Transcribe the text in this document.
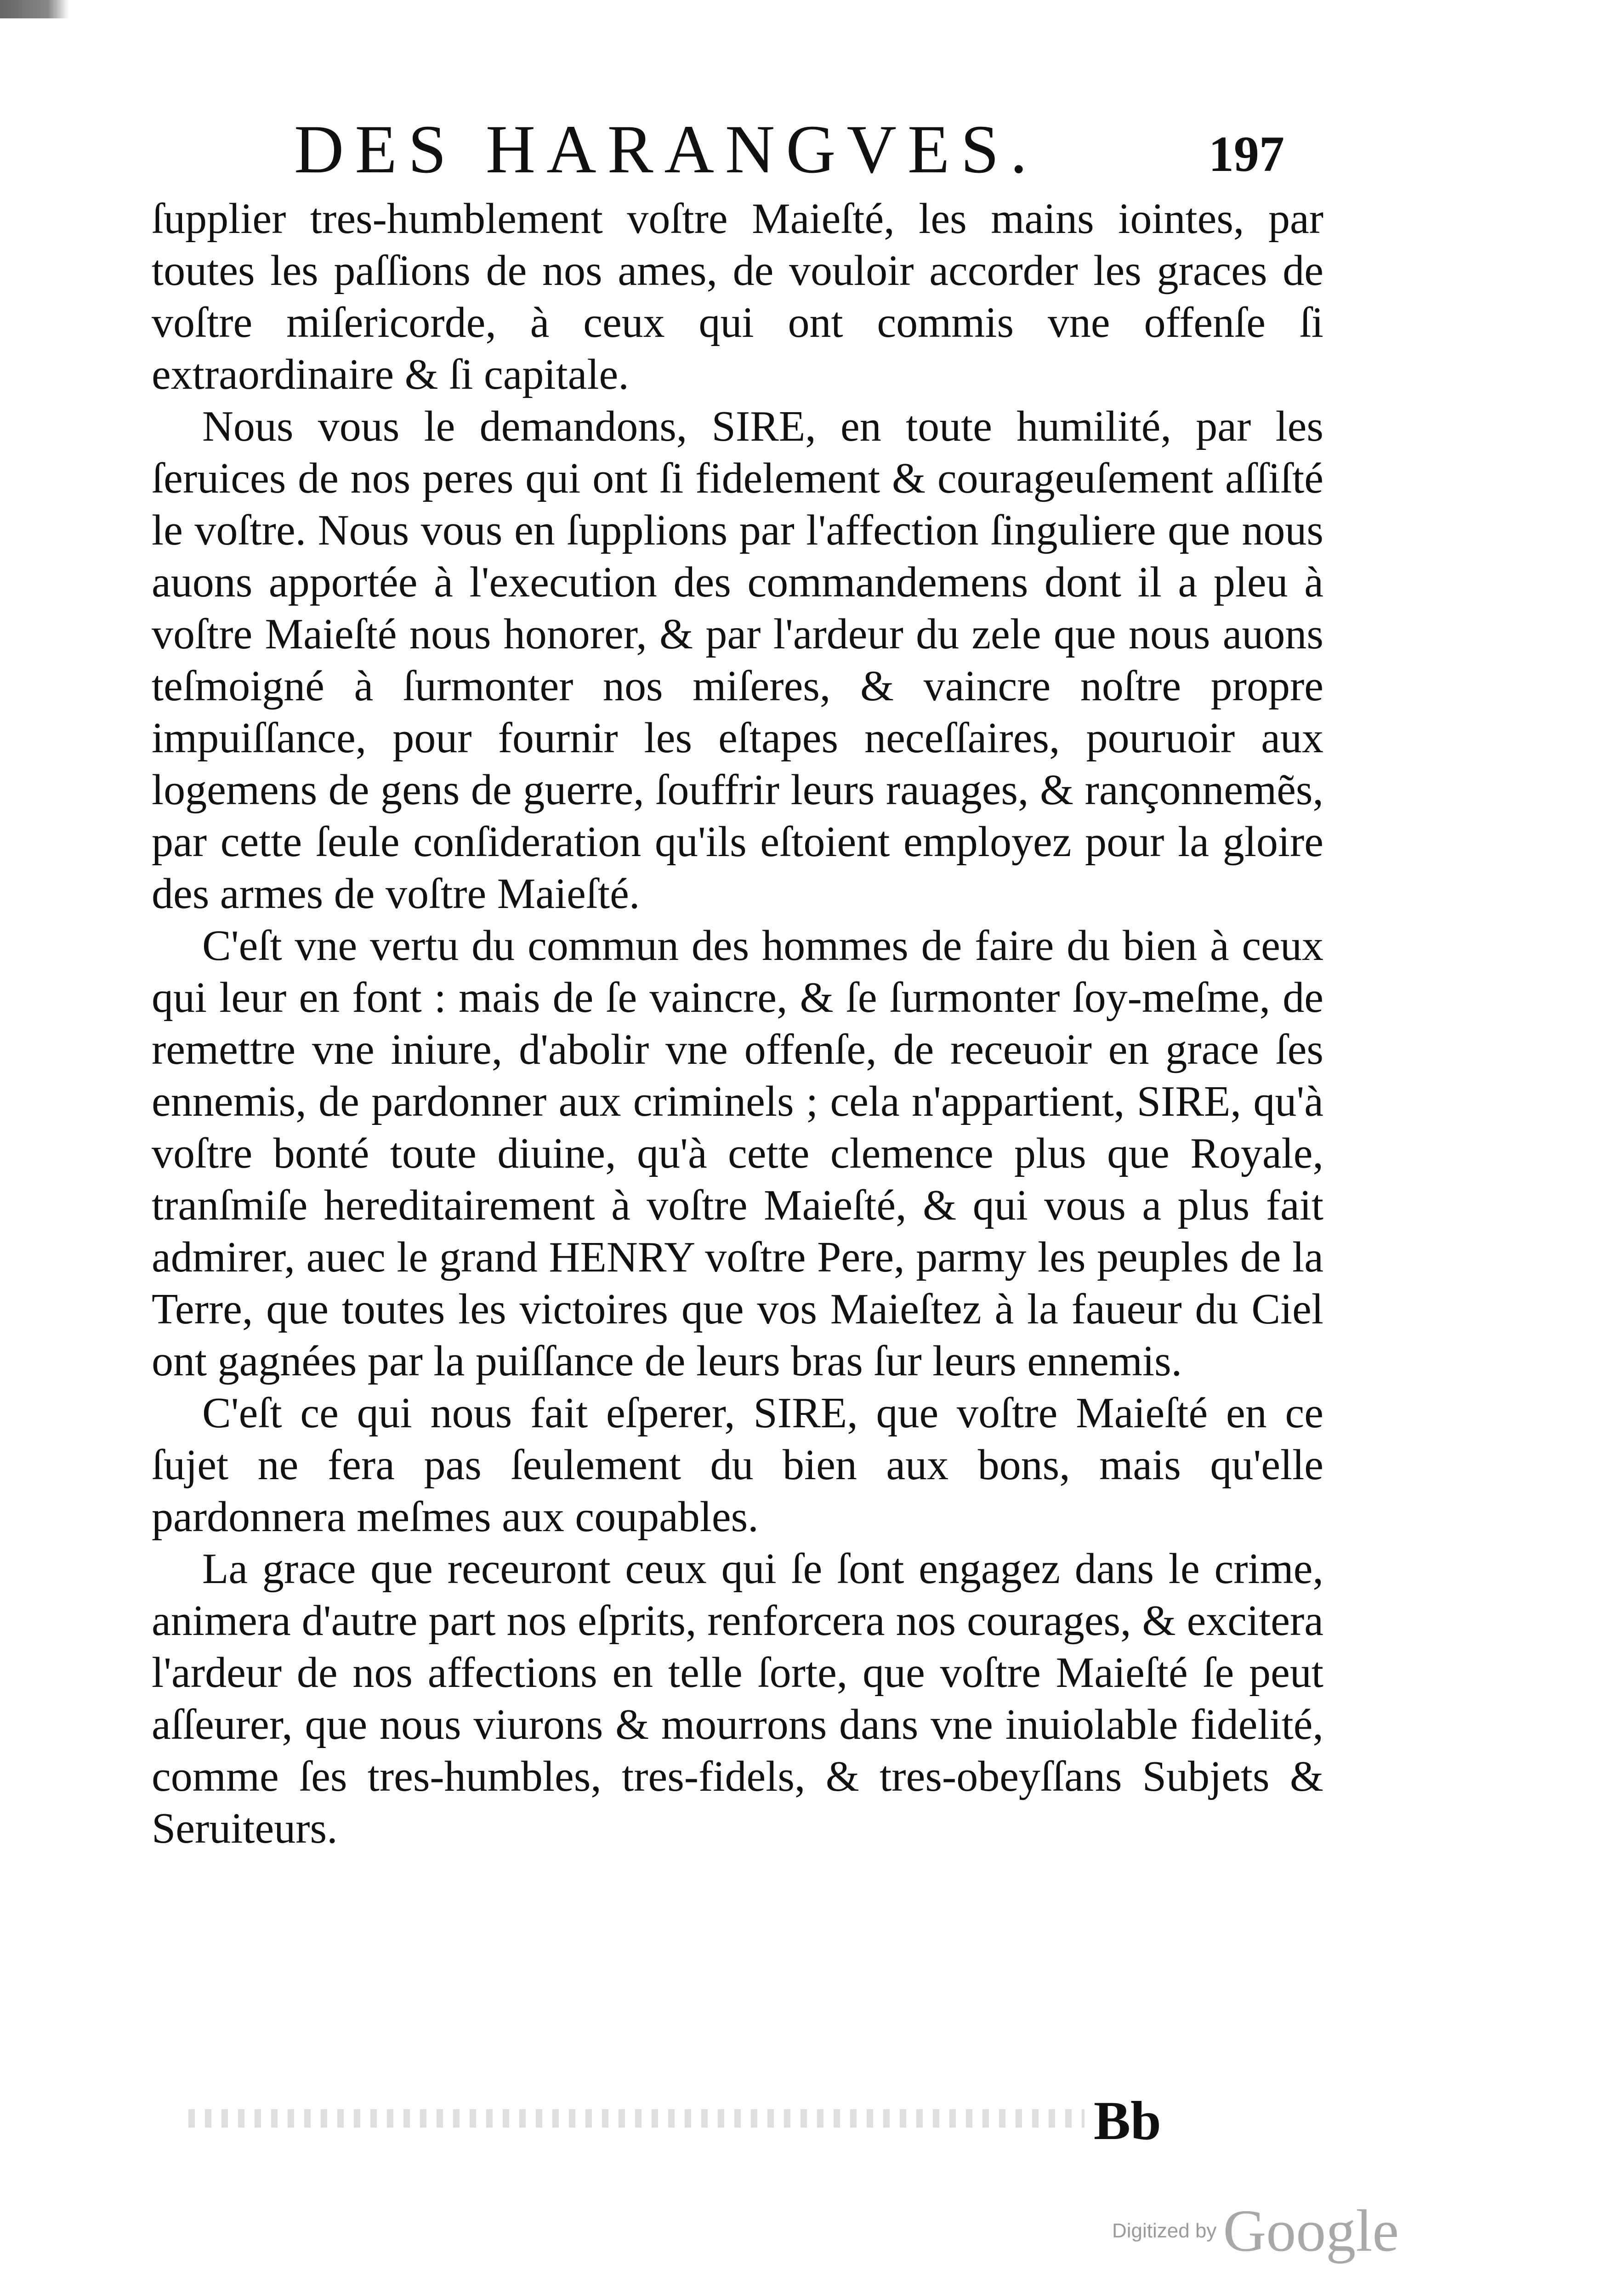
DES HARANGVES.	197

ſupplier tres-humblement voſtre Maieſté, les mains iointes, par toutes les paſſions de nos ames, de vouloir accorder les graces de voſtre miſericorde, à ceux qui ont commis vne offenſe ſi extraordinaire & ſi capitale.

Nous vous le demandons, SIRE, en toute humilité, par les ſeruices de nos peres qui ont ſi fidelement & courageuſement aſſiſté le voſtre. Nous vous en ſupplions par l'affection ſinguliere que nous auons apportée à l'execution des commandemens dont il a pleu à voſtre Maieſté nous honorer, & par l'ardeur du zele que nous auons teſmoigné à ſurmonter nos miſeres, & vaincre noſtre propre impuiſſance, pour fournir les eſtapes neceſſaires, pouruoir aux logemens de gens de guerre, ſouffrir leurs rauages, & rançonnemẽs, par cette ſeule conſideration qu'ils eſtoient employez pour la gloire des armes de voſtre Maieſté.

C'eſt vne vertu du commun des hommes de faire du bien à ceux qui leur en font : mais de ſe vaincre, & ſe ſurmonter ſoy-meſme, de remettre vne iniure, d'abolir vne offenſe, de receuoir en grace ſes ennemis, de pardonner aux criminels ; cela n'appartient, SIRE, qu'à voſtre bonté toute diuine, qu'à cette clemence plus que Royale, tranſmiſe hereditairement à voſtre Maieſté, & qui vous a plus fait admirer, auec le grand HENRY voſtre Pere, parmy les peuples de la Terre, que toutes les victoires que vos Maieſtez à la faueur du Ciel ont gagnées par la puiſſance de leurs bras ſur leurs ennemis.

C'eſt ce qui nous fait eſperer, SIRE, que voſtre Maieſté en ce ſujet ne fera pas ſeulement du bien aux bons, mais qu'elle pardonnera meſmes aux coupables.

La grace que receuront ceux qui ſe ſont engagez dans le crime, animera d'autre part nos eſprits, renforcera nos courages, & excitera l'ardeur de nos affections en telle ſorte, que voſtre Maieſté ſe peut aſſeurer, que nous viurons & mourrons dans vne inuiolable fidelité, comme ſes tres-humbles, tres-fidels, & tres-obeyſſans Subjets & Seruiteurs.

Bb
Digitized by Google
